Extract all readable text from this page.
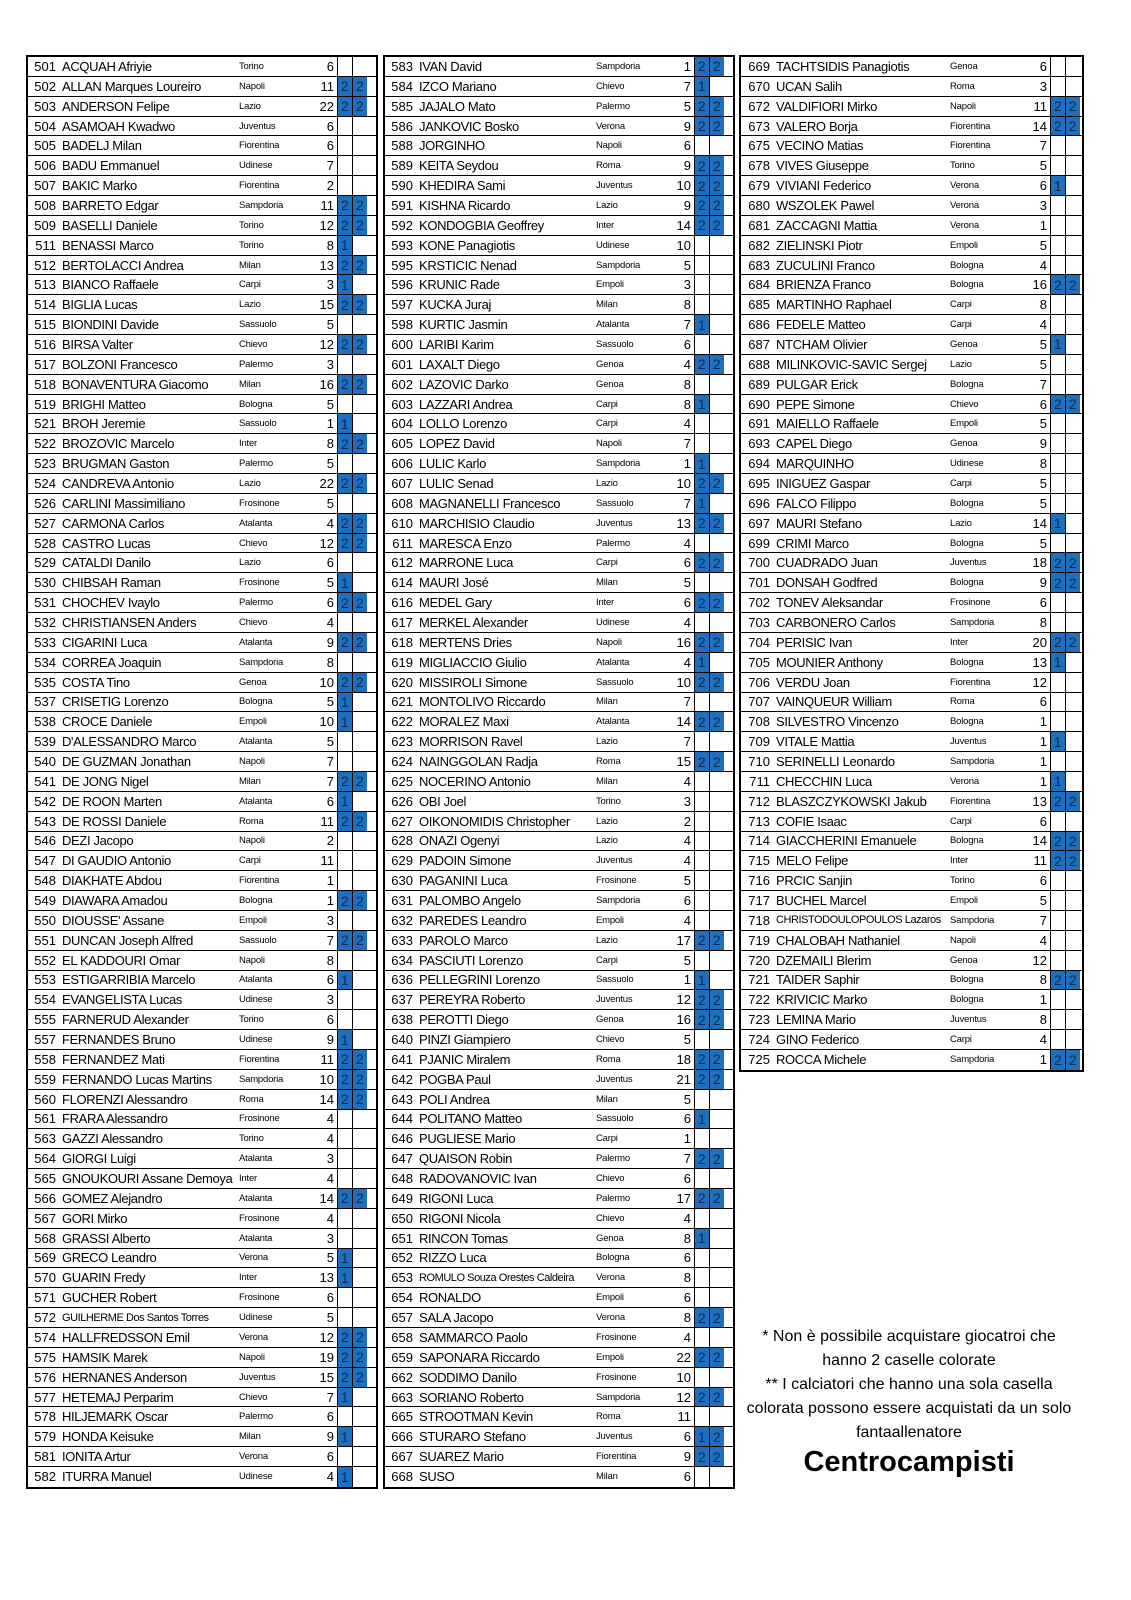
501 ACQUAH Afriyie	Torino	6
502 ALLAN Marques Loureiro	Napoli	11 2 2
503 ANDERSON Felipe	Lazio	22 2 2
504 ASAMOAH Kwadwo	Juventus	6
505 BADELJ Milan	Fiorentina	6
506 BADU Emmanuel	Udinese	7
507 BAKIC Marko	Fiorentina	2
508 BARRETO Edgar	Sampdoria	11 2 2
509 BASELLI Daniele	Torino	12 2 2
511 BENASSI Marco	Torino	8 1
512 BERTOLACCI Andrea	Milan	13 2 2
513 BIANCO Raffaele	Carpi	3 1
514 BIGLIA Lucas	Lazio	15 2 2
515 BIONDINI Davide	Sassuolo	5
516 BIRSA Valter	Chievo	12 2 2
517 BOLZONI Francesco	Palermo	3
518 BONAVENTURA Giacomo	Milan	16 2 2
519 BRIGHI Matteo	Bologna	5
521 BROH Jeremie	Sassuolo	1 1
522 BROZOVIC Marcelo	Inter	8 2 2
523 BRUGMAN Gaston	Palermo	5
524 CANDREVA Antonio	Lazio	22 2 2
526 CARLINI Massimiliano	Frosinone	5
527 CARMONA Carlos	Atalanta	4 2 2
528 CASTRO Lucas	Chievo	12 2 2
529 CATALDI Danilo	Lazio	6
530 CHIBSAH Raman	Frosinone	5 1
531 CHOCHEV Ivaylo	Palermo	6 2 2
532 CHRISTIANSEN Anders	Chievo	4
533 CIGARINI Luca	Atalanta	9 2 2
534 CORREA Joaquin	Sampdoria	8
535 COSTA Tino	Genoa	10 2 2
537 CRISETIG Lorenzo	Bologna	5 1
538 CROCE Daniele	Empoli	10 1
539 D'ALESSANDRO Marco	Atalanta	5
540 DE GUZMAN Jonathan	Napoli	7
541 DE JONG Nigel	Milan	7 2 2
542 DE ROON Marten	Atalanta	6 1
543 DE ROSSI Daniele	Roma	11 2 2
546 DEZI Jacopo	Napoli	2
547 DI GAUDIO Antonio	Carpi	11
548 DIAKHATE Abdou	Fiorentina	1
549 DIAWARA Amadou	Bologna	1 2 2
550 DIOUSSE' Assane	Empoli	3
551 DUNCAN Joseph Alfred	Sassuolo	7 2 2
552 EL KADDOURI Omar	Napoli	8
553 ESTIGARRIBIA Marcelo	Atalanta	6 1
554 EVANGELISTA Lucas	Udinese	3
555 FARNERUD Alexander	Torino	6
557 FERNANDES Bruno	Udinese	9 1
558 FERNANDEZ Mati	Fiorentina	11 2 2
559 FERNANDO Lucas Martins	Sampdoria	10 2 2
560 FLORENZI Alessandro	Roma	14 2 2
561 FRARA Alessandro	Frosinone	4
563 GAZZI Alessandro	Torino	4
564 GIORGI Luigi	Atalanta	3
565 GNOUKOURI Assane Demoya Inter	4
566 GOMEZ Alejandro	Atalanta	14 2 2
567 GORI Mirko	Frosinone	4
568 GRASSI Alberto	Atalanta	3
569 GRECO Leandro	Verona	5 1
570 GUARIN Fredy	Inter	13 1
571 GUCHER Robert	Frosinone	6
572 GUILHERME Dos Santos Torres	Udinese	5
574 HALLFREDSSON Emil	Verona	12 2 2
575 HAMSIK Marek	Napoli	19 2 2
576 HERNANES Anderson	Juventus	15 2 2
577 HETEMAJ Perparim	Chievo	7 1
578 HILJEMARK Oscar	Palermo	6
579 HONDA Keisuke	Milan	9 1
581 IONITA Artur	Verona	6
582 ITURRA Manuel	Udinese	4 1
583 IVAN David	Sampdoria	1 2 2
584 IZCO Mariano	Chievo	7 1
585 JAJALO Mato	Palermo	5 2 2
586 JANKOVIC Bosko	Verona	9 2 2
588 JORGINHO	Napoli	6
589 KEITA Seydou	Roma	9 2 2
590 KHEDIRA Sami	Juventus	10 2 2
591 KISHNA Ricardo	Lazio	9 2 2
592 KONDOGBIA Geoffrey	Inter	14 2 2
593 KONE Panagiotis	Udinese	10
595 KRSTICIC Nenad	Sampdoria	5
596 KRUNIC Rade	Empoli	3
597 KUCKA Juraj	Milan	8
598 KURTIC Jasmin	Atalanta	7 1
600 LARIBI Karim	Sassuolo	6
601 LAXALT Diego	Genoa	4 2 2
602 LAZOVIC Darko	Genoa	8
603 LAZZARI Andrea	Carpi	8 1
604 LOLLO Lorenzo	Carpi	4
605 LOPEZ David	Napoli	7
606 LULIC Karlo	Sampdoria	1 1
607 LULIC Senad	Lazio	10 2 2
608 MAGNANELLI Francesco	Sassuolo	7 1
610 MARCHISIO Claudio	Juventus	13 2 2
611 MARESCA Enzo	Palermo	4
612 MARRONE Luca	Carpi	6 2 2
614 MAURI José	Milan	5
616 MEDEL Gary	Inter	6 2 2
617 MERKEL Alexander	Udinese	4
618 MERTENS Dries	Napoli	16 2 2
619 MIGLIACCIO Giulio	Atalanta	4 1
620 MISSIROLI Simone	Sassuolo	10 2 2
621 MONTOLIVO Riccardo	Milan	7
622 MORALEZ Maxi	Atalanta	14 2 2
623 MORRISON Ravel	Lazio	7
624 NAINGGOLAN Radja	Roma	15 2 2
625 NOCERINO Antonio	Milan	4
626 OBI Joel	Torino	3
627 OIKONOMIDIS Christopher	Lazio	2
628 ONAZI Ogenyi	Lazio	4
629 PADOIN Simone	Juventus	4
630 PAGANINI Luca	Frosinone	5
631 PALOMBO Angelo	Sampdoria	6
632 PAREDES Leandro	Empoli	4
633 PAROLO Marco	Lazio	17 2 2
634 PASCIUTI Lorenzo	Carpi	5
636 PELLEGRINI Lorenzo	Sassuolo	1 1
637 PEREYRA Roberto	Juventus	12 2 2
638 PEROTTI Diego	Genoa	16 2 2
640 PINZI Giampiero	Chievo	5
641 PJANIC Miralem	Roma	18 2 2
642 POGBA Paul	Juventus	21 2 2
643 POLI Andrea	Milan	5
644 POLITANO Matteo	Sassuolo	6 1
646 PUGLIESE Mario	Carpi	1
647 QUAISON Robin	Palermo	7 2 2
648 RADOVANOVIC Ivan	Chievo	6
649 RIGONI Luca	Palermo	17 2 2
650 RIGONI Nicola	Chievo	4
651 RINCON Tomas	Genoa	8 1
652 RIZZO Luca	Bologna	6
653 ROMULO Souza Orestes Caldeira	Verona	8
654 RONALDO	Empoli	6
657 SALA Jacopo	Verona	8 2 2
658 SAMMARCO Paolo	Frosinone	4
659 SAPONARA Riccardo	Empoli	22 2 2
662 SODDIMO Danilo	Frosinone	10
663 SORIANO Roberto	Sampdoria	12 2 2
665 STROOTMAN Kevin	Roma	11
666 STURARO Stefano	Juventus	6 1 2
667 SUAREZ Mario	Fiorentina	9 2 2
668 SUSO	Milan	6
669 TACHTSIDIS Panagiotis	Genoa	6
670 UCAN Salih	Roma	3
672 VALDIFIORI Mirko	Napoli	11 2 2
673 VALERO Borja	Fiorentina	14 2 2
675 VECINO Matias	Fiorentina	7
678 VIVES Giuseppe	Torino	5
679 VIVIANI Federico	Verona	6 1
680 WSZOLEK Pawel	Verona	3
681 ZACCAGNI Mattia	Verona	1
682 ZIELINSKI Piotr	Empoli	5
683 ZUCULINI Franco	Bologna	4
684 BRIENZA Franco	Bologna	16 2 2
685 MARTINHO Raphael	Carpi	8
686 FEDELE Matteo	Carpi	4
687 NTCHAM Olivier	Genoa	5 1
688 MILINKOVIC-SAVIC Sergej	Lazio	5
689 PULGAR Erick	Bologna	7
690 PEPE Simone	Chievo	6 2 2
691 MAIELLO Raffaele	Empoli	5
693 CAPEL Diego	Genoa	9
694 MARQUINHO	Udinese	8
695 INIGUEZ Gaspar	Carpi	5
696 FALCO Filippo	Bologna	5
697 MAURI Stefano	Lazio	14 1
699 CRIMI Marco	Bologna	5
700 CUADRADO Juan	Juventus	18 2 2
701 DONSAH Godfred	Bologna	9 2 2
702 TONEV Aleksandar	Frosinone	6
703 CARBONERO Carlos	Sampdoria	8
704 PERISIC Ivan	Inter	20 2 2
705 MOUNIER Anthony	Bologna	13 1
706 VERDU Joan	Fiorentina	12
707 VAINQUEUR William	Roma	6
708 SILVESTRO Vincenzo	Bologna	1
709 VITALE Mattia	Juventus	1 1
710 SERINELLI Leonardo	Sampdoria	1
711 CHECCHIN Luca	Verona	1 1
712 BLASZCZYKOWSKI Jakub	Fiorentina	13 2 2
713 COFIE Isaac	Carpi	6
714 GIACCHERINI Emanuele	Bologna	14 2 2
715 MELO Felipe	Inter	11 2 2
716 PRCIC Sanjin	Torino	6
717 BUCHEL Marcel	Empoli	5
718 CHRISTODOULOPOULOS Lazaros Sampdoria	7
719 CHALOBAH Nathaniel	Napoli	4
720 DZEMAILI Blerim	Genoa	12
721 TAIDER Saphir	Bologna	8 2 2
722 KRIVICIC Marko	Bologna	1
723 LEMINA Mario	Juventus	8
724 GINO Federico	Carpi	4
725 ROCCA Michele	Sampdoria	1 2 2
* Non è possibile acquistare giocatroi che hanno 2 caselle colorate
** I calciatori che hanno una sola casella colorata possono essere acquistati da un solo fantaallenatore
Centrocampisti
